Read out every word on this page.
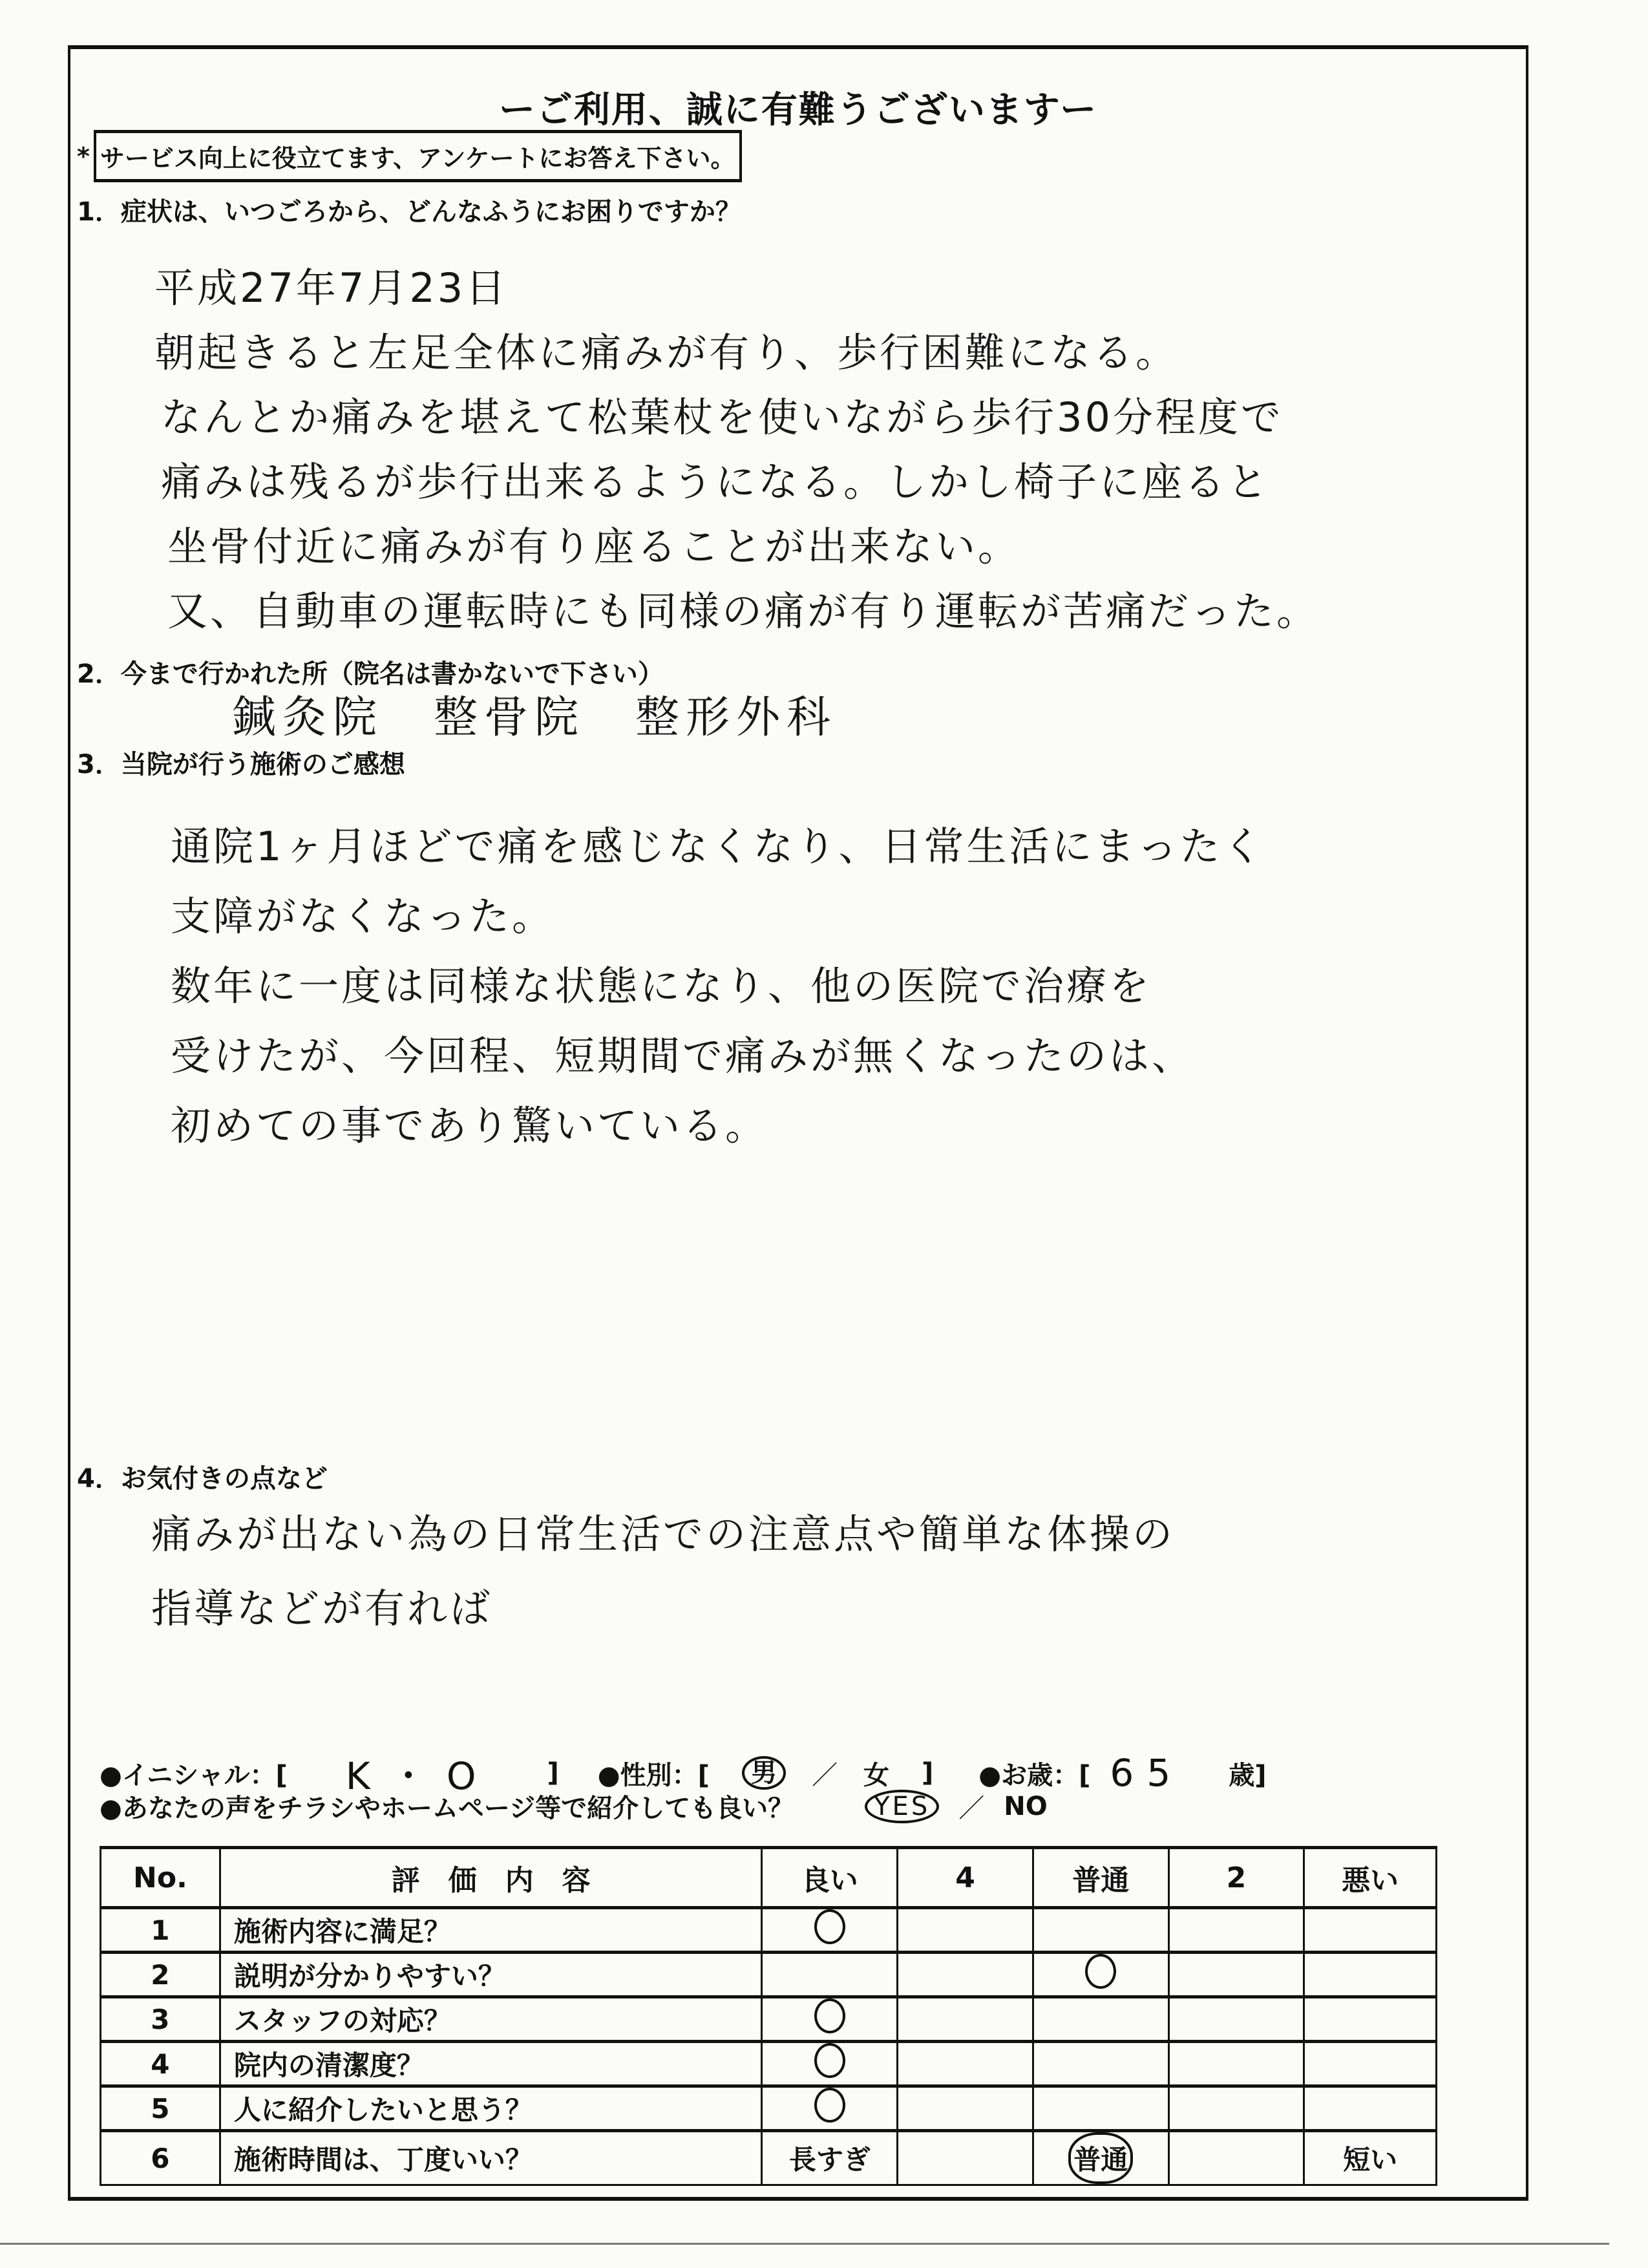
ーご利用、誠に有難うございますー
* サービス向上に役立てます、アンケートにお答え下さい。
1．症状は、いつごろから、どんなふうにお困りですか？

平成27年7月23日

朝起きると左足全体に痛みが有り、歩行困難になる。

なんとか痛みを堪えて松葉杖を使いながら歩行30分程度で

痛みは残るが歩行出来るようになる。しかし椅子に座ると

坐骨付近に痛みが有り座ることが出来ない。

又、自動車の運転時にも同様の痛が有り運転が苦痛だった。

2．今まで行かれた所（院名は書かないで下さい）
鍼灸院　整骨院　整形外科
3．当院が行う施術のご感想

通院1ヶ月ほどで痛を感じなくなり、日常生活にまったく

支障がなくなった。

数年に一度は同様な状態になり、他の医院で治療を

受けたが、今回程、短期間で痛みが無くなったのは、

初めての事であり驚いている。

4．お気付きの点など

痛みが出ない為の日常生活での注意点や簡単な体操の

指導などが有れば

●イニシャル：[ K・O ] ●性別：[	男	／ 女 ] ●お歳：[ 65 歳]
●あなたの声をチラシやホームページ等で紹介しても良い？	YES	／ NO
No.	評　価　内　容	良い	4	普通	2	悪い
1	施術内容に満足？					
2	説明が分かりやすい？					
3	スタッフの対応？					
4	院内の清潔度？					
5	人に紹介したいと思う？					
6	施術時間は、丁度いい？	長すぎ		普通		短い
